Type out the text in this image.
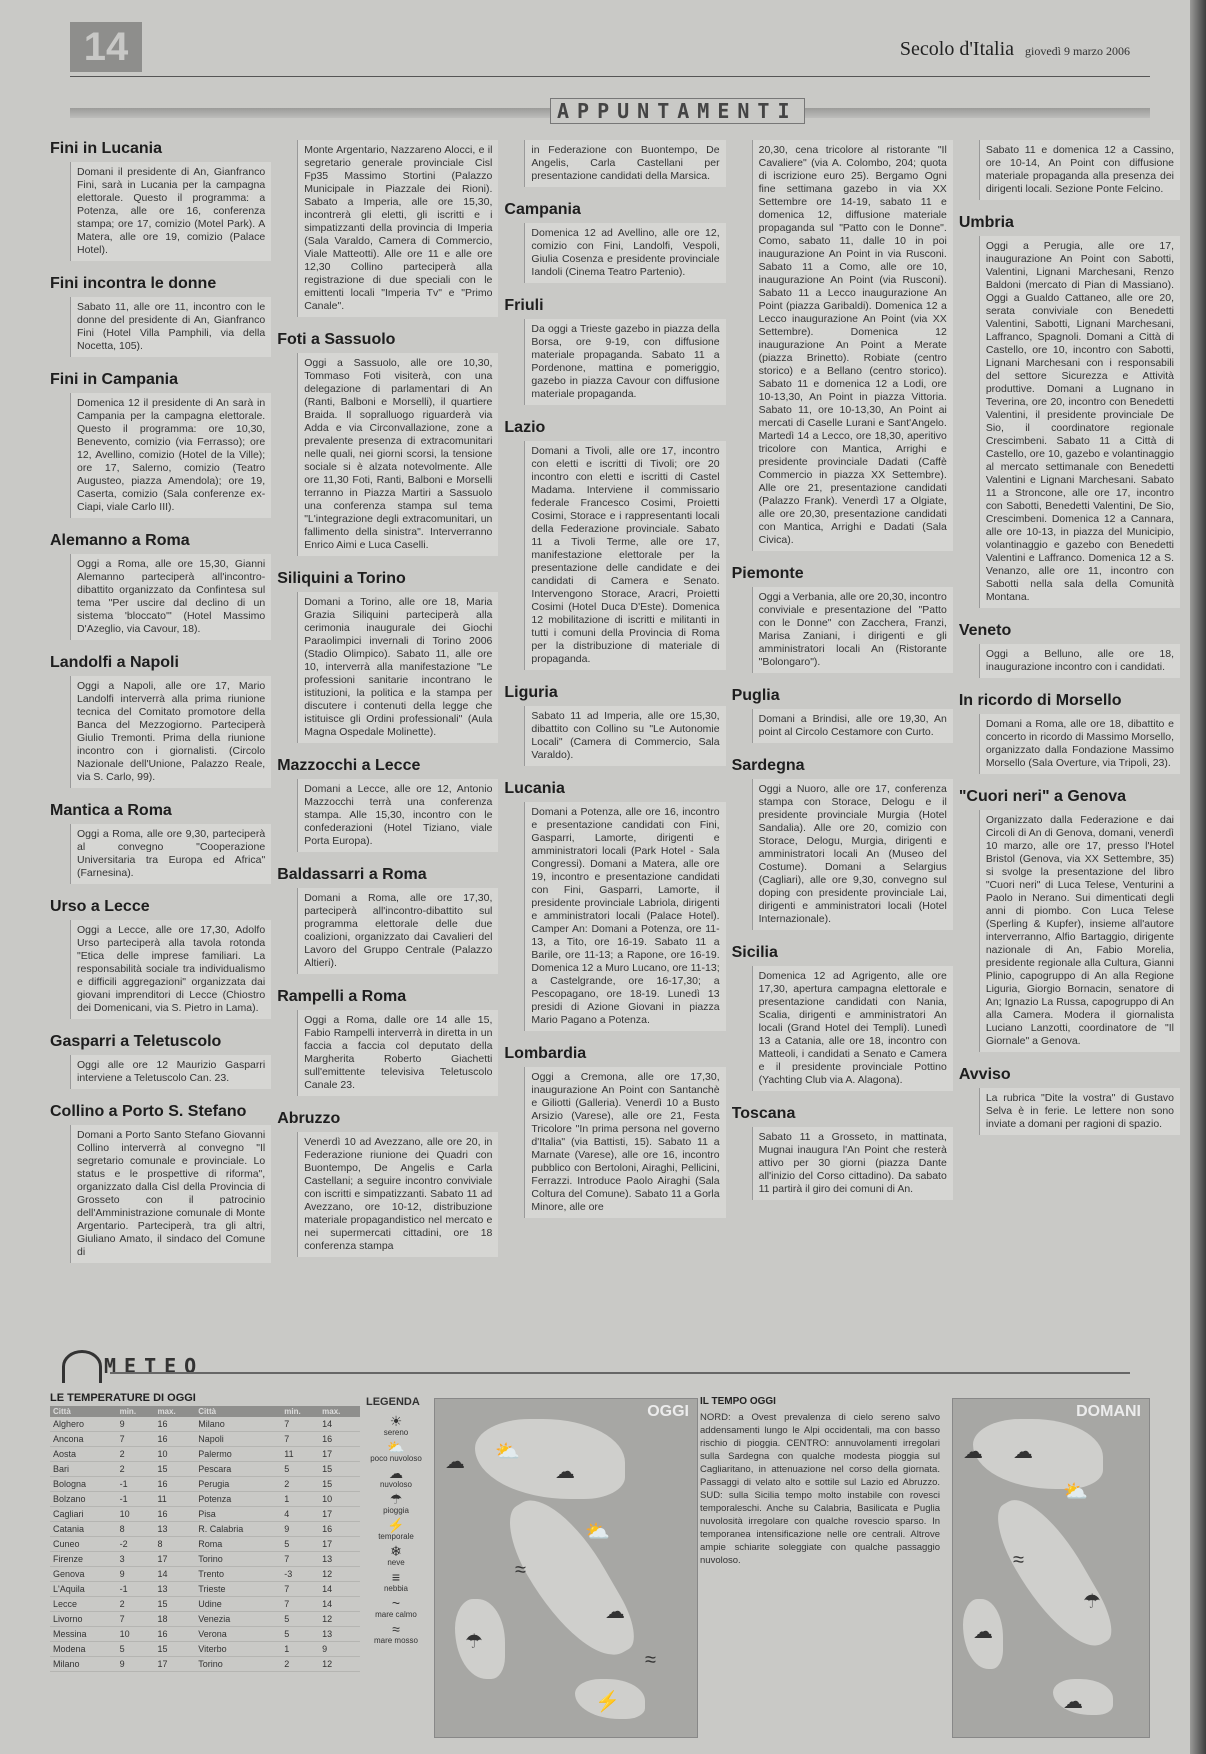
14	Secolo d'Italia giovedì 9 marzo 2006
APPUNTAMENTI
Fini in Lucania

Domani il presidente di An, Gianfranco Fini, sarà in Lucania per la campagna elettorale. Questo il programma: a Potenza, alle ore 16, conferenza stampa; ore 17, comizio (Motel Park). A Matera, alle ore 19, comizio (Palace Hotel).

Fini incontra le donne

Sabato 11, alle ore 11, incontro con le donne del presidente di An, Gianfranco Fini (Hotel Villa Pamphili, via della Nocetta, 105).

Fini in Campania

Domenica 12 il presidente di An sarà in Campania per la campagna elettorale. Questo il programma: ore 10,30, Benevento, comizio (via Ferrasso); ore 12, Avellino, comizio (Hotel de la Ville); ore 17, Salerno, comizio (Teatro Augusteo, piazza Amendola); ore 19, Caserta, comizio (Sala conferenze ex-Ciapi, viale Carlo III).

Alemanno a Roma

Oggi a Roma, alle ore 15,30, Gianni Alemanno parteciperà all'incontro-dibattito organizzato da Confintesa sul tema "Per uscire dal declino di un sistema 'bloccato'" (Hotel Massimo D'Azeglio, via Cavour, 18).

Landolfi a Napoli

Oggi a Napoli, alle ore 17, Mario Landolfi interverrà alla prima riunione tecnica del Comitato promotore della Banca del Mezzogiorno. Parteciperà Giulio Tremonti. Prima della riunione incontro con i giornalisti. (Circolo Nazionale dell'Unione, Palazzo Reale, via S. Carlo, 99).

Mantica a Roma

Oggi a Roma, alle ore 9,30, parteciperà al convegno "Cooperazione Universitaria tra Europa ed Africa" (Farnesina).

Urso a Lecce

Oggi a Lecce, alle ore 17,30, Adolfo Urso parteciperà alla tavola rotonda "Etica delle imprese familiari. La responsabilità sociale tra individualismo e difficili aggregazioni" organizzata dai giovani imprenditori di Lecce (Chiostro dei Domenicani, via S. Pietro in Lama).

Gasparri a Teletuscolo

Oggi alle ore 12 Maurizio Gasparri interviene a Teletuscolo Can. 23.

Collino a Porto S. Stefano

Domani a Porto Santo Stefano Giovanni Collino interverrà al convegno "Il segretario comunale e provinciale. Lo status e le prospettive di riforma", organizzato dalla Cisl della Provincia di Grosseto con il patrocinio dell'Amministrazione comunale di Monte Argentario. Parteciperà, tra gli altri, Giuliano Amato, il sindaco del Comune di

Monte Argentario, Nazzareno Alocci, e il segretario generale provinciale Cisl Fp35 Massimo Stortini (Palazzo Municipale in Piazzale dei Rioni). Sabato a Imperia, alle ore 15,30, incontrerà gli eletti, gli iscritti e i simpatizzanti della provincia di Imperia (Sala Varaldo, Camera di Commercio, Viale Matteotti). Alle ore 11 e alle ore 12,30 Collino parteciperà alla registrazione di due speciali con le emittenti locali "Imperia Tv" e "Primo Canale".

Foti a Sassuolo

Oggi a Sassuolo, alle ore 10,30, Tommaso Foti visiterà, con una delegazione di parlamentari di An (Ranti, Balboni e Morselli), il quartiere Braida. Il sopralluogo riguarderà via Adda e via Circonvallazione, zone a prevalente presenza di extracomunitari nelle quali, nei giorni scorsi, la tensione sociale si è alzata notevolmente. Alle ore 11,30 Foti, Ranti, Balboni e Morselli terranno in Piazza Martiri a Sassuolo una conferenza stampa sul tema "L'integrazione degli extracomunitari, un fallimento della sinistra". Interverranno Enrico Aimi e Luca Caselli.

Siliquini a Torino

Domani a Torino, alle ore 18, Maria Grazia Siliquini parteciperà alla cerimonia inaugurale dei Giochi Paraolimpici invernali di Torino 2006 (Stadio Olimpico). Sabato 11, alle ore 10, interverrà alla manifestazione "Le professioni sanitarie incontrano le istituzioni, la politica e la stampa per discutere i contenuti della legge che istituisce gli Ordini professionali" (Aula Magna Ospedale Molinette).

Mazzocchi a Lecce

Domani a Lecce, alle ore 12, Antonio Mazzocchi terrà una conferenza stampa. Alle 15,30, incontro con le confederazioni (Hotel Tiziano, viale Porta Europa).

Baldassarri a Roma

Domani a Roma, alle ore 17,30, parteciperà all'incontro-dibattito sul programma elettorale delle due coalizioni, organizzato dai Cavalieri del Lavoro del Gruppo Centrale (Palazzo Altieri).

Rampelli a Roma

Oggi a Roma, dalle ore 14 alle 15, Fabio Rampelli interverrà in diretta in un faccia a faccia col deputato della Margherita Roberto Giachetti sull'emittente televisiva Teletuscolo Canale 23.

Abruzzo

Venerdì 10 ad Avezzano, alle ore 20, in Federazione riunione dei Quadri con Buontempo, De Angelis e Carla Castellani; a seguire incontro conviviale con iscritti e simpatizzanti. Sabato 11 ad Avezzano, ore 10-12, distribuzione materiale propagandistico nel mercato e nei supermercati cittadini, ore 18 conferenza stampa

in Federazione con Buontempo, De Angelis, Carla Castellani per presentazione candidati della Marsica.

Campania

Domenica 12 ad Avellino, alle ore 12, comizio con Fini, Landolfi, Vespoli, Giulia Cosenza e presidente provinciale Iandoli (Cinema Teatro Partenio).

Friuli

Da oggi a Trieste gazebo in piazza della Borsa, ore 9-19, con diffusione materiale propaganda. Sabato 11 a Pordenone, mattina e pomeriggio, gazebo in piazza Cavour con diffusione materiale propaganda.

Lazio

Domani a Tivoli, alle ore 17, incontro con eletti e iscritti di Tivoli; ore 20 incontro con eletti e iscritti di Castel Madama. Interviene il commissario federale Francesco Cosimi, Proietti Cosimi, Storace e i rappresentanti locali della Federazione provinciale. Sabato 11 a Tivoli Terme, alle ore 17, manifestazione elettorale per la presentazione delle candidate e dei candidati di Camera e Senato. Intervengono Storace, Aracri, Proietti Cosimi (Hotel Duca D'Este). Domenica 12 mobilitazione di iscritti e militanti in tutti i comuni della Provincia di Roma per la distribuzione di materiale di propaganda.

Liguria

Sabato 11 ad Imperia, alle ore 15,30, dibattito con Collino su "Le Autonomie Locali" (Camera di Commercio, Sala Varaldo).

Lucania

Domani a Potenza, alle ore 16, incontro e presentazione candidati con Fini, Gasparri, Lamorte, dirigenti e amministratori locali (Park Hotel - Sala Congressi). Domani a Matera, alle ore 19, incontro e presentazione candidati con Fini, Gasparri, Lamorte, il presidente provinciale Labriola, dirigenti e amministratori locali (Palace Hotel). Camper An: Domani a Potenza, ore 11-13, a Tito, ore 16-19. Sabato 11 a Barile, ore 11-13; a Rapone, ore 16-19. Domenica 12 a Muro Lucano, ore 11-13; a Castelgrande, ore 16-17,30; a Pescopagano, ore 18-19. Lunedì 13 presidi di Azione Giovani in piazza Mario Pagano a Potenza.

Lombardia

Oggi a Cremona, alle ore 17,30, inaugurazione An Point con Santanchè e Giliotti (Galleria). Venerdì 10 a Busto Arsizio (Varese), alle ore 21, Festa Tricolore "In prima persona nel governo d'Italia" (via Battisti, 15). Sabato 11 a Marnate (Varese), alle ore 16, incontro pubblico con Bertoloni, Airaghi, Pellicini, Ferrazzi. Introduce Paolo Airaghi (Sala Coltura del Comune). Sabato 11 a Gorla Minore, alle ore

20,30, cena tricolore al ristorante "Il Cavaliere" (via A. Colombo, 204; quota di iscrizione euro 25). Bergamo Ogni fine settimana gazebo in via XX Settembre ore 14-19, sabato 11 e domenica 12, diffusione materiale propaganda sul "Patto con le Donne". Como, sabato 11, dalle 10 in poi inaugurazione An Point in via Rusconi. Sabato 11 a Como, alle ore 10, inaugurazione An Point (via Rusconi). Sabato 11 a Lecco inaugurazione An Point (piazza Garibaldi). Domenica 12 a Lecco inaugurazione An Point (via XX Settembre). Domenica 12 inaugurazione An Point a Merate (piazza Brinetto). Robiate (centro storico) e a Bellano (centro storico). Sabato 11 e domenica 12 a Lodi, ore 10-13,30, An Point in piazza Vittoria. Sabato 11, ore 10-13,30, An Point ai mercati di Caselle Lurani e Sant'Angelo. Martedì 14 a Lecco, ore 18,30, aperitivo tricolore con Mantica, Arrighi e presidente provinciale Dadati (Caffè Commercio in piazza XX Settembre). Alle ore 21, presentazione candidati (Palazzo Frank). Venerdì 17 a Olgiate, alle ore 20,30, presentazione candidati con Mantica, Arrighi e Dadati (Sala Civica).

Piemonte

Oggi a Verbania, alle ore 20,30, incontro conviviale e presentazione del "Patto con le Donne" con Zacchera, Franzi, Marisa Zaniani, i dirigenti e gli amministratori locali An (Ristorante "Bolongaro").

Puglia

Domani a Brindisi, alle ore 19,30, An point al Circolo Cestamore con Curto.

Sardegna

Oggi a Nuoro, alle ore 17, conferenza stampa con Storace, Delogu e il presidente provinciale Murgia (Hotel Sandalia). Alle ore 20, comizio con Storace, Delogu, Murgia, dirigenti e amministratori locali An (Museo del Costume). Domani a Selargius (Cagliari), alle ore 9,30, convegno sul doping con presidente provinciale Lai, dirigenti e amministratori locali (Hotel Internazionale).

Sicilia

Domenica 12 ad Agrigento, alle ore 17,30, apertura campagna elettorale e presentazione candidati con Nania, Scalia, dirigenti e amministratori An locali (Grand Hotel dei Templi). Lunedì 13 a Catania, alle ore 18, incontro con Matteoli, i candidati a Senato e Camera e il presidente provinciale Pottino (Yachting Club via A. Alagona).

Toscana

Sabato 11 a Grosseto, in mattinata, Mugnai inaugura l'An Point che resterà attivo per 30 giorni (piazza Dante all'inizio del Corso cittadino). Da sabato 11 partirà il giro dei comuni di An.

Sabato 11 e domenica 12 a Cassino, ore 10-14, An Point con diffusione materiale propaganda alla presenza dei dirigenti locali. Sezione Ponte Felcino.

Umbria

Oggi a Perugia, alle ore 17, inaugurazione An Point con Sabotti, Valentini, Lignani Marchesani, Renzo Baldoni (mercato di Pian di Massiano). Oggi a Gualdo Cattaneo, alle ore 20, serata conviviale con Benedetti Valentini, Sabotti, Lignani Marchesani, Laffranco, Spagnoli. Domani a Città di Castello, ore 10, incontro con Sabotti, Lignani Marchesani con i responsabili del settore Sicurezza e Attività produttive. Domani a Lugnano in Teverina, ore 20, incontro con Benedetti Valentini, il presidente provinciale De Sio, il coordinatore regionale Crescimbeni. Sabato 11 a Città di Castello, ore 10, gazebo e volantinaggio al mercato settimanale con Benedetti Valentini e Lignani Marchesani. Sabato 11 a Stroncone, alle ore 17, incontro con Sabotti, Benedetti Valentini, De Sio, Crescimbeni. Domenica 12 a Cannara, alle ore 10-13, in piazza del Municipio, volantinaggio e gazebo con Benedetti Valentini e Laffranco. Domenica 12 a S. Venanzo, alle ore 11, incontro con Sabotti nella sala della Comunità Montana.

Veneto

Oggi a Belluno, alle ore 18, inaugurazione incontro con i candidati.

In ricordo di Morsello

Domani a Roma, alle ore 18, dibattito e concerto in ricordo di Massimo Morsello, organizzato dalla Fondazione Massimo Morsello (Sala Overture, via Tripoli, 23).

"Cuori neri" a Genova

Organizzato dalla Federazione e dai Circoli di An di Genova, domani, venerdì 10 marzo, alle ore 17, presso l'Hotel Bristol (Genova, via XX Settembre, 35) si svolge la presentazione del libro "Cuori neri" di Luca Telese, Venturini a Paolo in Nerano. Sui dimenticati degli anni di piombo. Con Luca Telese (Sperling & Kupfer), insieme all'autore interverranno, Alfio Bartaggio, dirigente nazionale di An, Fabio Morelia, presidente regionale alla Cultura, Gianni Plinio, capogruppo di An alla Regione Liguria, Giorgio Bornacin, senatore di An; Ignazio La Russa, capogruppo di An alla Camera. Modera il giornalista Luciano Lanzotti, coordinatore de "Il Giornale" a Genova.

Avviso

La rubrica "Dite la vostra" di Gustavo Selva è in ferie. Le lettere non sono inviate a domani per ragioni di spazio.

METEO
LE TEMPERATURE DI OGGI
Città	min.	max.	Città	min.	max.
Alghero	9	16	Milano	7	14
Ancona	7	16	Napoli	7	16
Aosta	2	10	Palermo	11	17
Bari	2	15	Pescara	5	15
Bologna	-1	16	Perugia	2	15
Bolzano	-1	11	Potenza	1	10
Cagliari	10	16	Pisa	4	17
Catania	8	13	R. Calabria	9	16
Cuneo	-2	8	Roma	5	17
Firenze	3	17	Torino	7	13
Genova	9	14	Trento	-3	12
L'Aquila	-1	13	Trieste	7	14
Lecce	2	15	Udine	7	14
Livorno	7	18	Venezia	5	12
Messina	10	16	Verona	5	13
Modena	5	15	Viterbo	1	9
Milano	9	17	Torino	2	12
LEGENDA
☀
sereno
⛅
poco nuvoloso
☁
nuvoloso
☂
pioggia
⚡
temporale
❄
neve
≡
nebbia
~
mare calmo
≈
mare mosso
OGGI
☁ ⛅
☁
⛅
☂
☁
⚡
≈
≈
IL TEMPO OGGI

NORD: a Ovest prevalenza di cielo sereno salvo addensamenti lungo le Alpi occidentali, ma con basso rischio di pioggia. CENTRO: annuvolamenti irregolari sulla Sardegna con qualche modesta pioggia sul Cagliaritano, in attenuazione nel corso della giornata. Passaggi di velato alto e sottile sul Lazio ed Abruzzo. SUD: sulla Sicilia tempo molto instabile con rovesci temporaleschi. Anche su Calabria, Basilicata e Puglia nuvolosità irregolare con qualche rovescio sparso. In temporanea intensificazione nelle ore centrali. Altrove ampie schiarite soleggiate con qualche passaggio nuvoloso.

DOMANI
☁ ☁
⛅
☁
☂
☁
≈
